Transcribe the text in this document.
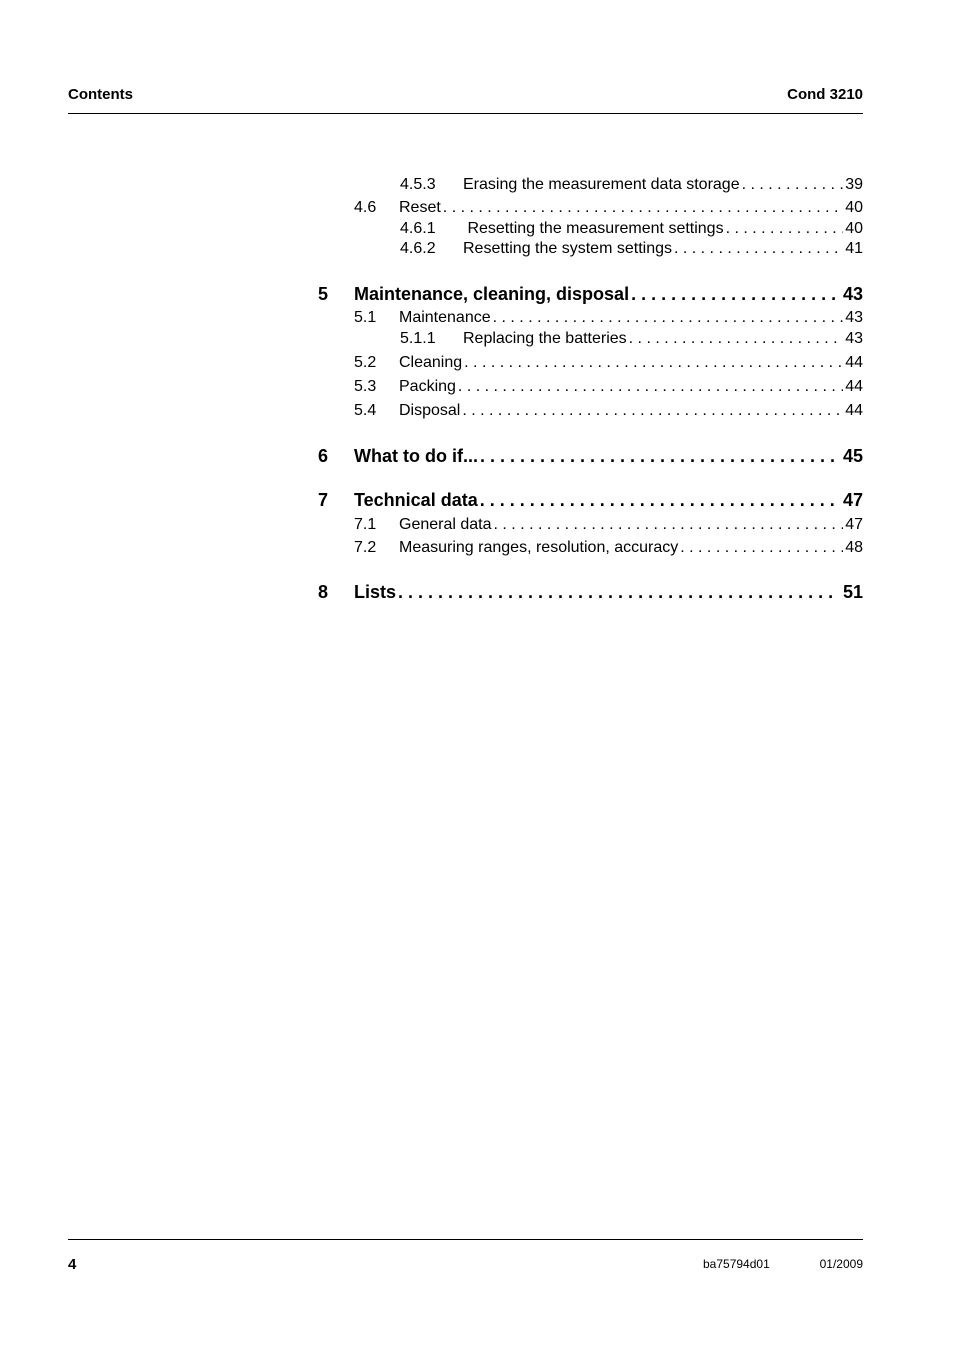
Contents	Cond 3210
4.5.3	Erasing the measurement data storage . . .	39
4.6	Reset . . .	40
4.6.1	Resetting the measurement settings . . .	40
4.6.2	Resetting the system settings . . .	41
5	Maintenance, cleaning, disposal . . .	43
5.1	Maintenance . . .	43
5.1.1	Replacing the batteries . . .	43
5.2	Cleaning . . .	44
5.3	Packing . . .	44
5.4	Disposal . . .	44
6	What to do if... . . .	45
7	Technical data . . .	47
7.1	General data . . .	47
7.2	Measuring ranges, resolution, accuracy . . .	48
8	Lists . . .	51
4	ba75794d01	01/2009
